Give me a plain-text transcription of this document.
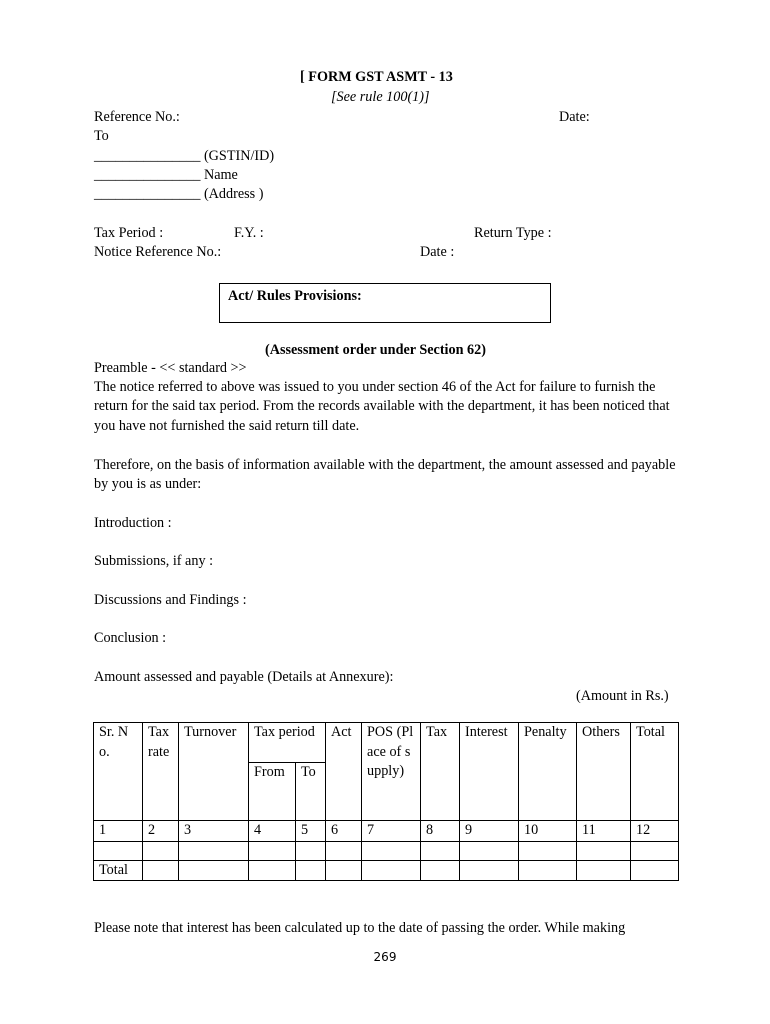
[ FORM GST ASMT - 13
[See rule 100(1)]
Reference No.:	Date:
To
_______________ (GSTIN/ID)
_______________ Name
_______________ (Address )
Tax Period :	F.Y. :	Return Type :
Notice Reference No.:	Date :
Act/ Rules Provisions:
(Assessment order under Section 62)
Preamble - << standard >>
The notice referred to above was issued to you under section 46 of the Act for failure to furnish the return for the said tax period. From the records available with the department, it has been noticed that you have not furnished the said return till date.
Therefore, on the basis of information available with the department, the amount assessed and payable by you is as under:
Introduction :
Submissions, if any :
Discussions and Findings :
Conclusion :
Amount assessed and payable (Details at Annexure):
(Amount in Rs.)
Sr. No.	Tax rate	Turnover	Tax period		Act	POS (Place of supply)	Tax	Interest	Penalty	Others	Total
			From	To							
1	2	3	4	5	6	7	8	9	10	11	12

Total											
Please note that interest has been calculated up to the date of passing the order. While making
269
